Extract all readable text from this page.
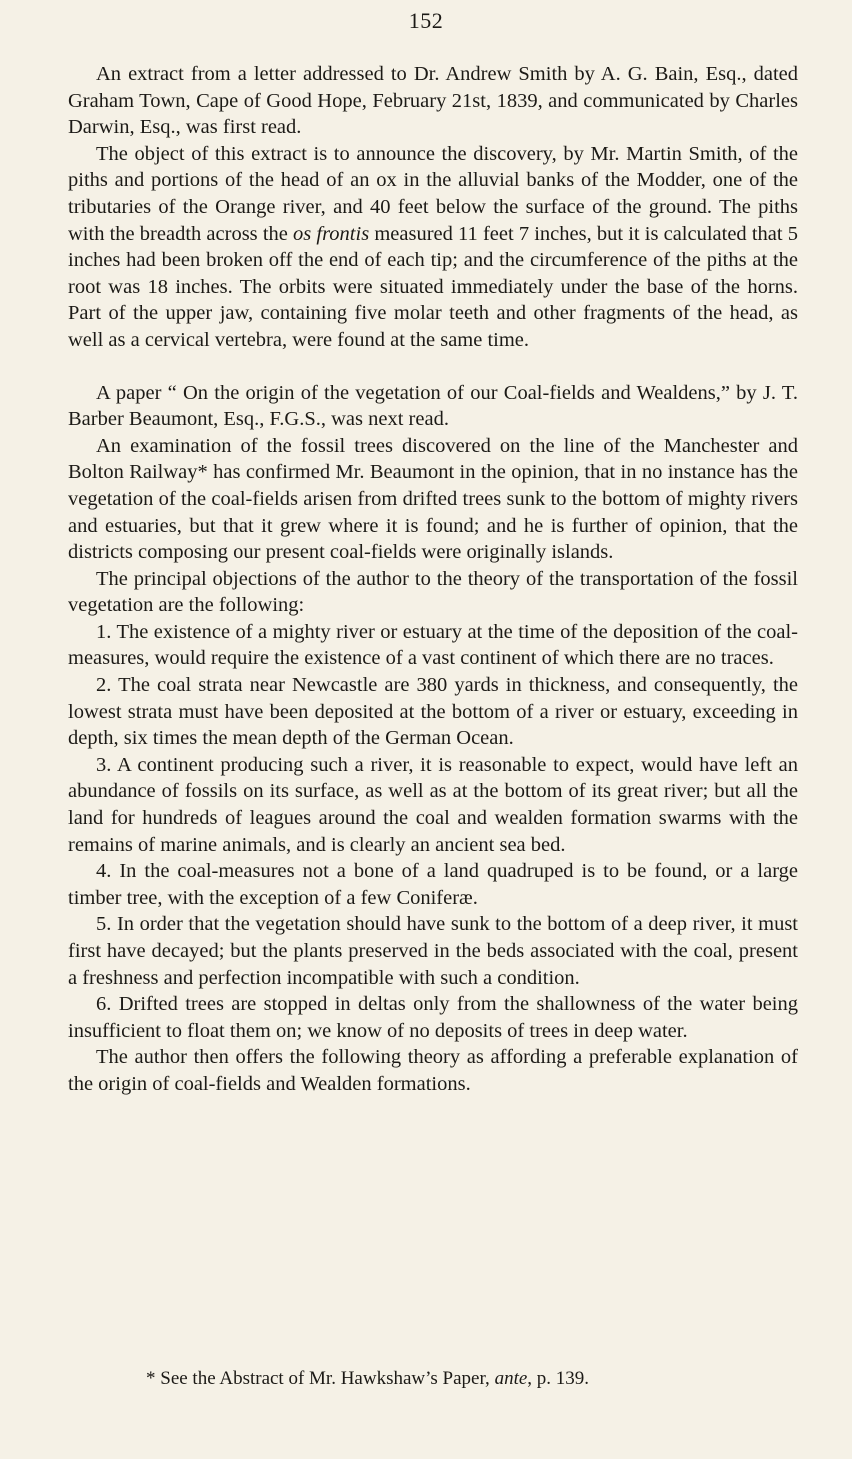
152

An extract from a letter addressed to Dr. Andrew Smith by A. G. Bain, Esq., dated Graham Town, Cape of Good Hope, February 21st, 1839, and communicated by Charles Darwin, Esq., was first read.

The object of this extract is to announce the discovery, by Mr. Martin Smith, of the piths and portions of the head of an ox in the alluvial banks of the Modder, one of the tributaries of the Orange river, and 40 feet below the surface of the ground. The piths with the breadth across the os frontis measured 11 feet 7 inches, but it is calculated that 5 inches had been broken off the end of each tip; and the circumference of the piths at the root was 18 inches. The orbits were situated immediately under the base of the horns. Part of the upper jaw, containing five molar teeth and other fragments of the head, as well as a cervical vertebra, were found at the same time.

A paper “ On the origin of the vegetation of our Coal-fields and Wealdens,” by J. T. Barber Beaumont, Esq., F.G.S., was next read.

An examination of the fossil trees discovered on the line of the Manchester and Bolton Railway* has confirmed Mr. Beaumont in the opinion, that in no instance has the vegetation of the coal-fields arisen from drifted trees sunk to the bottom of mighty rivers and estuaries, but that it grew where it is found; and he is further of opinion, that the districts composing our present coal-fields were originally islands.

The principal objections of the author to the theory of the transportation of the fossil vegetation are the following:

1. The existence of a mighty river or estuary at the time of the deposition of the coal-measures, would require the existence of a vast continent of which there are no traces.

2. The coal strata near Newcastle are 380 yards in thickness, and consequently, the lowest strata must have been deposited at the bottom of a river or estuary, exceeding in depth, six times the mean depth of the German Ocean.

3. A continent producing such a river, it is reasonable to expect, would have left an abundance of fossils on its surface, as well as at the bottom of its great river; but all the land for hundreds of leagues around the coal and wealden formation swarms with the remains of marine animals, and is clearly an ancient sea bed.

4. In the coal-measures not a bone of a land quadruped is to be found, or a large timber tree, with the exception of a few Coniferæ.

5. In order that the vegetation should have sunk to the bottom of a deep river, it must first have decayed; but the plants preserved in the beds associated with the coal, present a freshness and perfection incompatible with such a condition.

6. Drifted trees are stopped in deltas only from the shallowness of the water being insufficient to float them on; we know of no deposits of trees in deep water.

The author then offers the following theory as affording a preferable explanation of the origin of coal-fields and Wealden formations.

* See the Abstract of Mr. Hawkshaw’s Paper, ante, p. 139.
